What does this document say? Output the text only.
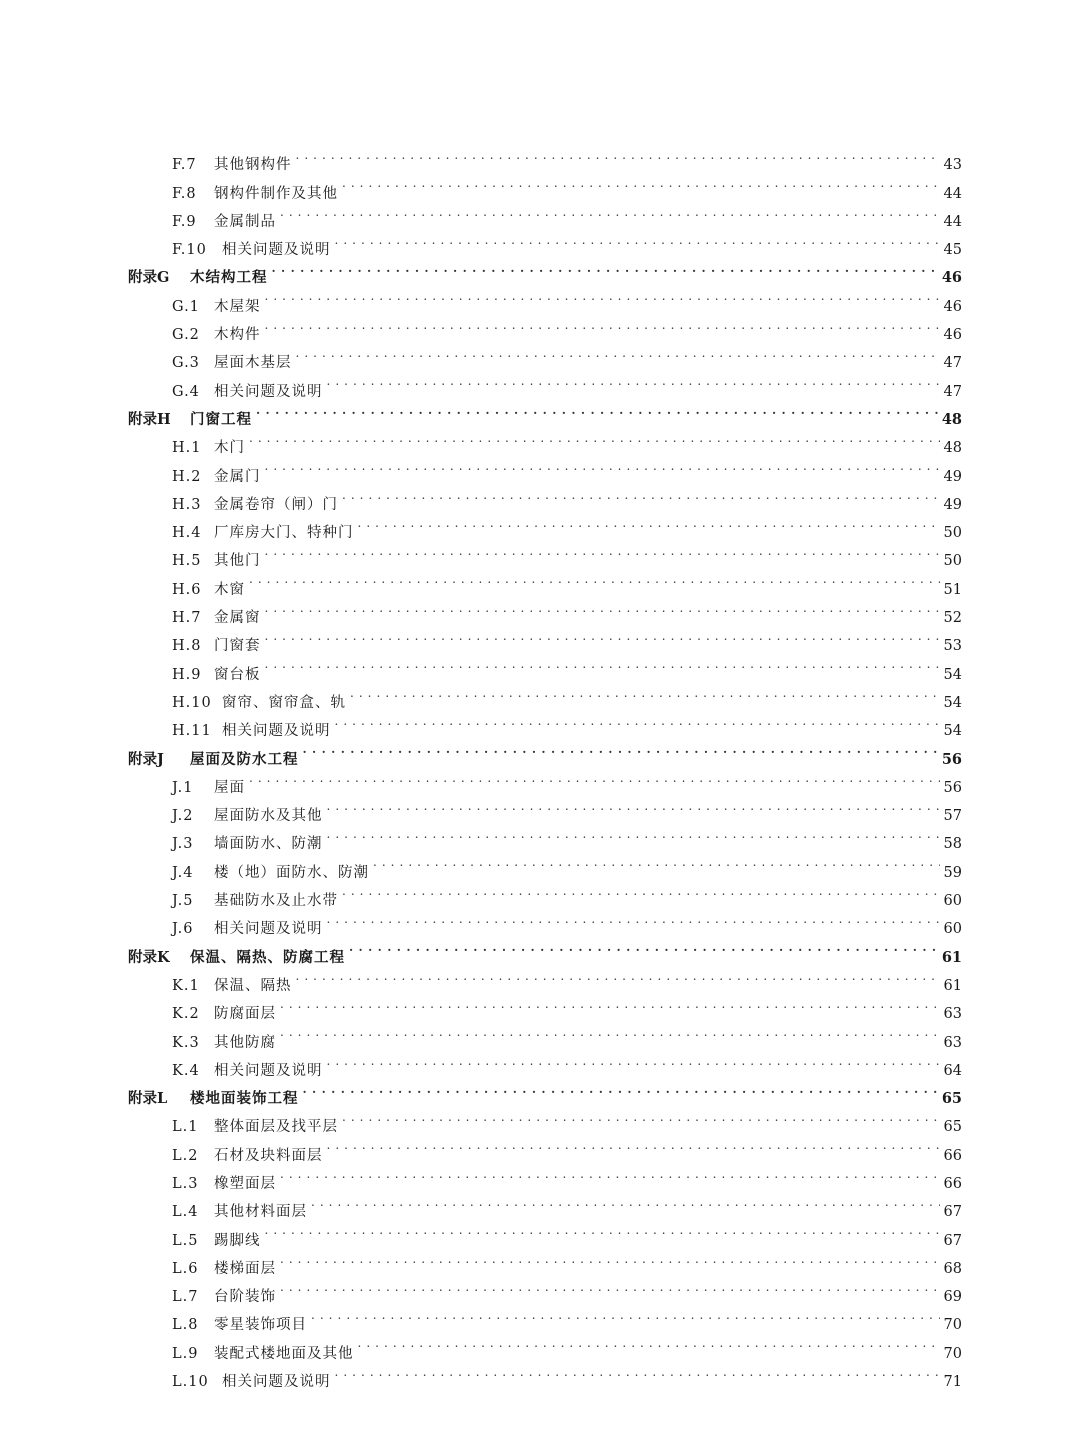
F.7	其他钢构件 . . .	43
F.8	钢构件制作及其他 . . .	44
F.9	金属制品 . . .	44
F.10	相关问题及说明 . . .	45
附录G	木结构工程 . . .	46
G.1 木屋架 . . .	46
G.2 木构件 . . .	46
G.3 屋面木基层 . . .	47
G.4 相关问题及说明 . . .	47
附录H	门窗工程 . . .	48
H.1 木门 . . .	48
H.2 金属门 . . .	49
H.3 金属卷帘（闸）门 . . .	49
H.4 厂库房大门、特种门 . . .	50
H.5 其他门 . . .	50
H.6 木窗 . . .	51
H.7 金属窗 . . .	52
H.8 门窗套 . . .	53
H.9 窗台板 . . .	54
H.10 窗帘、窗帘盒、轨 . . .	54
H.11 相关问题及说明 . . .	54
附录J	屋面及防水工程 . . .	56
J.1	屋面 . . .	56
J.2	屋面防水及其他 . . .	57
J.3	墙面防水、防潮 . . .	58
J.4	楼（地）面防水、防潮 . . .	59
J.5	基础防水及止水带 . . .	60
J.6	相关问题及说明 . . .	60
附录K	保温、隔热、防腐工程 . . .	61
K.1 保温、隔热 . . .	61
K.2 防腐面层 . . .	63
K.3 其他防腐 . . .	63
K.4 相关问题及说明 . . .	64
附录L	楼地面装饰工程 . . .	65
L.1	整体面层及找平层 . . .	65
L.2	石材及块料面层 . . .	66
L.3	橡塑面层 . . .	66
L.4	其他材料面层 . . .	67
L.5	踢脚线 . . .	67
L.6	楼梯面层 . . .	68
L.7	台阶装饰 . . .	69
L.8	零星装饰项目 . . .	70
L.9	装配式楼地面及其他 . . .	70
L.10 相关问题及说明 . . .	71
